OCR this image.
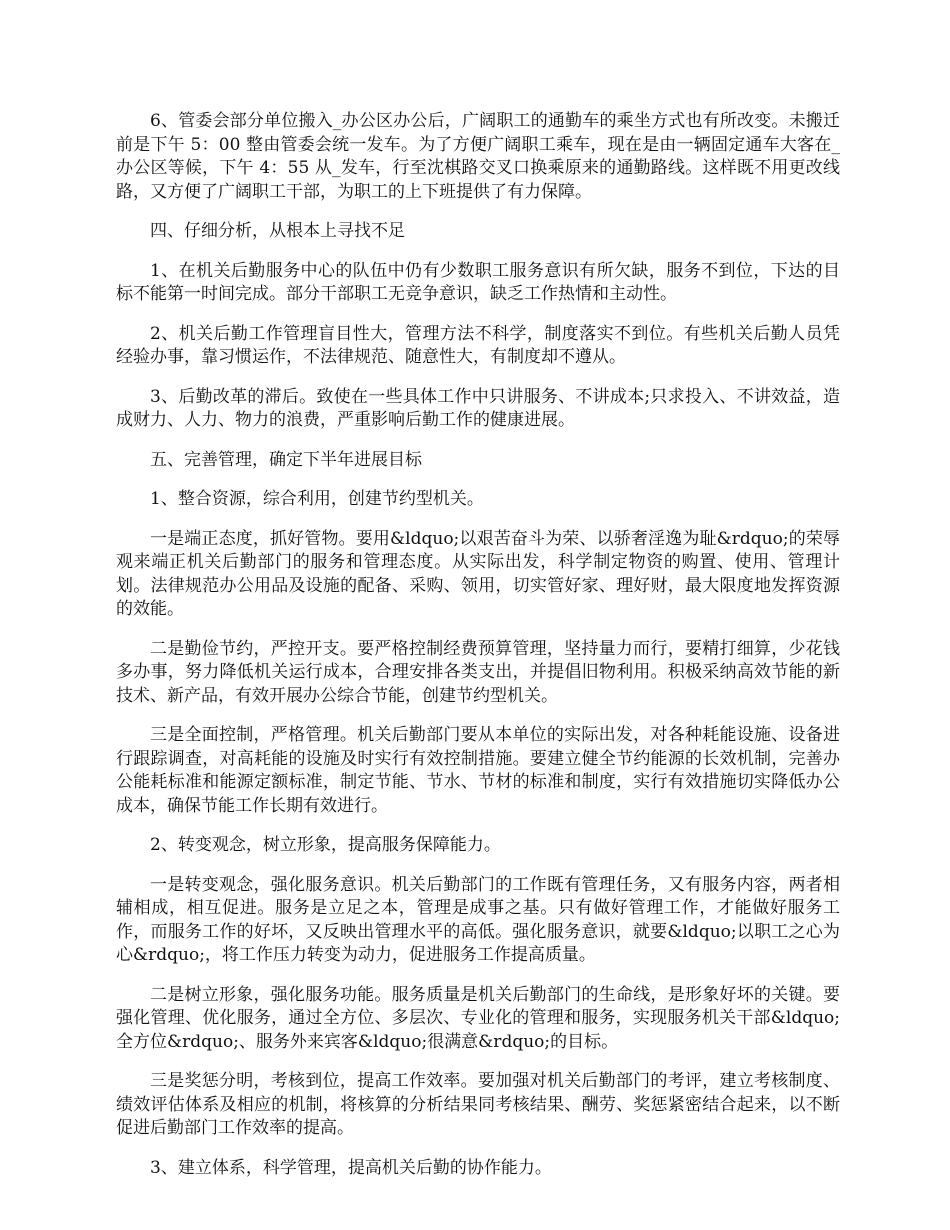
6、管委会部分单位搬入_办公区办公后，广阔职工的通勤车的乘坐方式也有所改变。未搬迁前是下午 5：00 整由管委会统一发车。为了方便广阔职工乘车，现在是由一辆固定通车大客在_办公区等候，下午 4：55 从_发车，行至沈棋路交叉口换乘原来的通勤路线。这样既不用更改线路，又方便了广阔职工干部，为职工的上下班提供了有力保障。

四、仔细分析，从根本上寻找不足

1、在机关后勤服务中心的队伍中仍有少数职工服务意识有所欠缺，服务不到位，下达的目标不能第一时间完成。部分干部职工无竞争意识，缺乏工作热情和主动性。

2、机关后勤工作管理盲目性大，管理方法不科学，制度落实不到位。有些机关后勤人员凭经验办事，靠习惯运作，不法律规范、随意性大，有制度却不遵从。

3、后勤改革的滞后。致使在一些具体工作中只讲服务、不讲成本;只求投入、不讲效益，造成财力、人力、物力的浪费，严重影响后勤工作的健康进展。

五、完善管理，确定下半年进展目标

1、整合资源，综合利用，创建节约型机关。

一是端正态度，抓好管物。要用&ldquo;以艰苦奋斗为荣、以骄奢淫逸为耻&rdquo;的荣辱观来端正机关后勤部门的服务和管理态度。从实际出发，科学制定物资的购置、使用、管理计划。法律规范办公用品及设施的配备、采购、领用，切实管好家、理好财，最大限度地发挥资源的效能。

二是勤俭节约，严控开支。要严格控制经费预算管理，坚持量力而行，要精打细算，少花钱多办事，努力降低机关运行成本，合理安排各类支出，并提倡旧物利用。积极采纳高效节能的新技术、新产品，有效开展办公综合节能，创建节约型机关。

三是全面控制，严格管理。机关后勤部门要从本单位的实际出发，对各种耗能设施、设备进行跟踪调查，对高耗能的设施及时实行有效控制措施。要建立健全节约能源的长效机制，完善办公能耗标准和能源定额标准，制定节能、节水、节材的标准和制度，实行有效措施切实降低办公成本，确保节能工作长期有效进行。

2、转变观念，树立形象，提高服务保障能力。

一是转变观念，强化服务意识。机关后勤部门的工作既有管理任务，又有服务内容，两者相辅相成，相互促进。服务是立足之本，管理是成事之基。只有做好管理工作，才能做好服务工作，而服务工作的好坏，又反映出管理水平的高低。强化服务意识，就要&ldquo;以职工之心为心&rdquo;，将工作压力转变为动力，促进服务工作提高质量。

二是树立形象，强化服务功能。服务质量是机关后勤部门的生命线，是形象好坏的关键。要强化管理、优化服务，通过全方位、多层次、专业化的管理和服务，实现服务机关干部&ldquo;全方位&rdquo;、服务外来宾客&ldquo;很满意&rdquo;的目标。

三是奖惩分明，考核到位，提高工作效率。要加强对机关后勤部门的考评，建立考核制度、绩效评估体系及相应的机制，将核算的分析结果同考核结果、酬劳、奖惩紧密结合起来，以不断促进后勤部门工作效率的提高。

3、建立体系，科学管理，提高机关后勤的协作能力。
